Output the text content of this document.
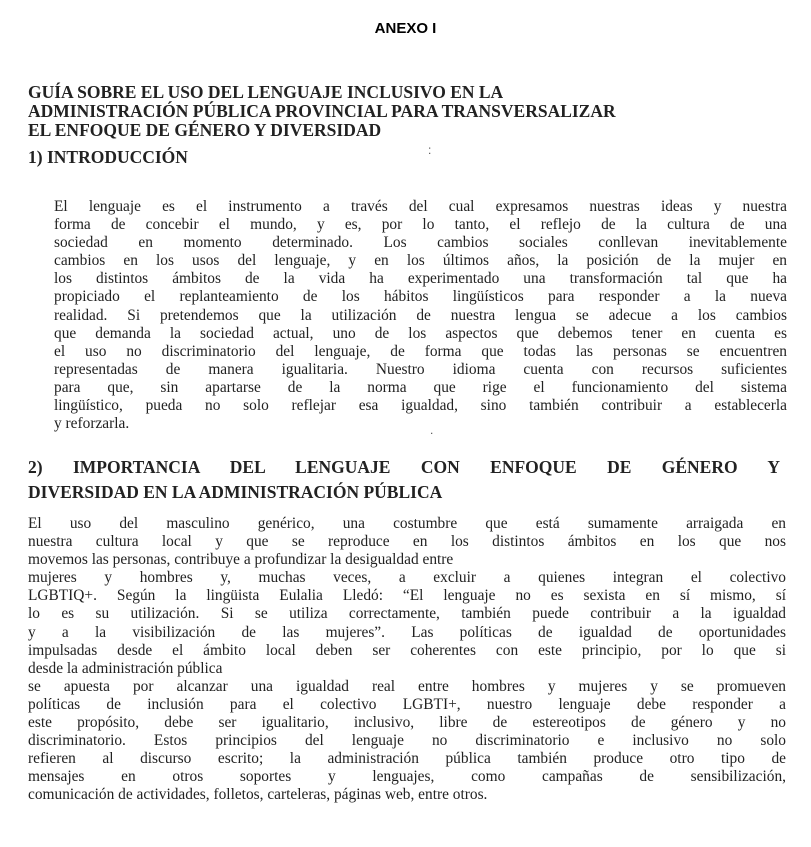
ANEXO I
GUÍA SOBRE EL USO DEL LENGUAJE INCLUSIVO EN LA
ADMINISTRACIÓN PÚBLICA PROVINCIAL PARA TRANSVERSALIZAR
EL ENFOQUE DE GÉNERO Y DIVERSIDAD
1) INTRODUCCIÓN	:

El lenguaje es el instrumento a través del cual expresamos nuestras ideas y nuestra
forma de concebir el mundo, y es, por lo tanto, el reflejo de la cultura de una
sociedad en momento determinado. Los cambios sociales conllevan inevitablemente
cambios en los usos del lenguaje, y en los últimos años, la posición de la mujer en
los distintos ámbitos de la vida ha experimentado una transformación tal que ha
propiciado el replanteamiento de los hábitos lingüísticos para responder a la nueva
realidad. Si pretendemos que la utilización de nuestra lengua se adecue a los cambios
que demanda la sociedad actual, uno de los aspectos que debemos tener en cuenta es
el uso no discriminatorio del lenguaje, de forma que todas las personas se encuentren
representadas de manera igualitaria. Nuestro idioma cuenta con recursos suficientes
para que, sin apartarse de la norma que rige el funcionamiento del sistema
lingüístico, pueda no solo reflejar esa igualdad, sino también contribuir a establecerla
y reforzarla.	.
2) IMPORTANCIA DEL LENGUAJE CON ENFOQUE DE GÉNERO Y
DIVERSIDAD EN LA ADMINISTRACIÓN PÚBLICA

El uso del masculino genérico, una costumbre que está sumamente arraigada en
nuestra cultura local y que se reproduce en los distintos ámbitos en los que nos
movemos las personas, contribuye a profundizar la desigualdad entre
mujeres y hombres y, muchas veces, a excluir a quienes integran el colectivo
LGBTIQ+. Según la lingüista Eulalia Lledó: “El lenguaje no es sexista en sí mismo, sí
lo es su utilización. Si se utiliza correctamente, también puede contribuir a la igualdad
y a la visibilización de las mujeres”. Las políticas de igualdad de oportunidades
impulsadas desde el ámbito local deben ser coherentes con este principio, por lo que si
desde la administración pública
se apuesta por alcanzar una igualdad real entre hombres y mujeres y se promueven
políticas de inclusión para el colectivo LGBTI+, nuestro lenguaje debe responder a
este propósito, debe ser igualitario, inclusivo, libre de estereotipos de género y no
discriminatorio. Estos principios del lenguaje no discriminatorio e inclusivo no solo
refieren al discurso escrito; la administración pública también produce otro tipo de
mensajes en otros soportes y lenguajes, como campañas de sensibilización,
comunicación de actividades, folletos, carteleras, páginas web, entre otros.
